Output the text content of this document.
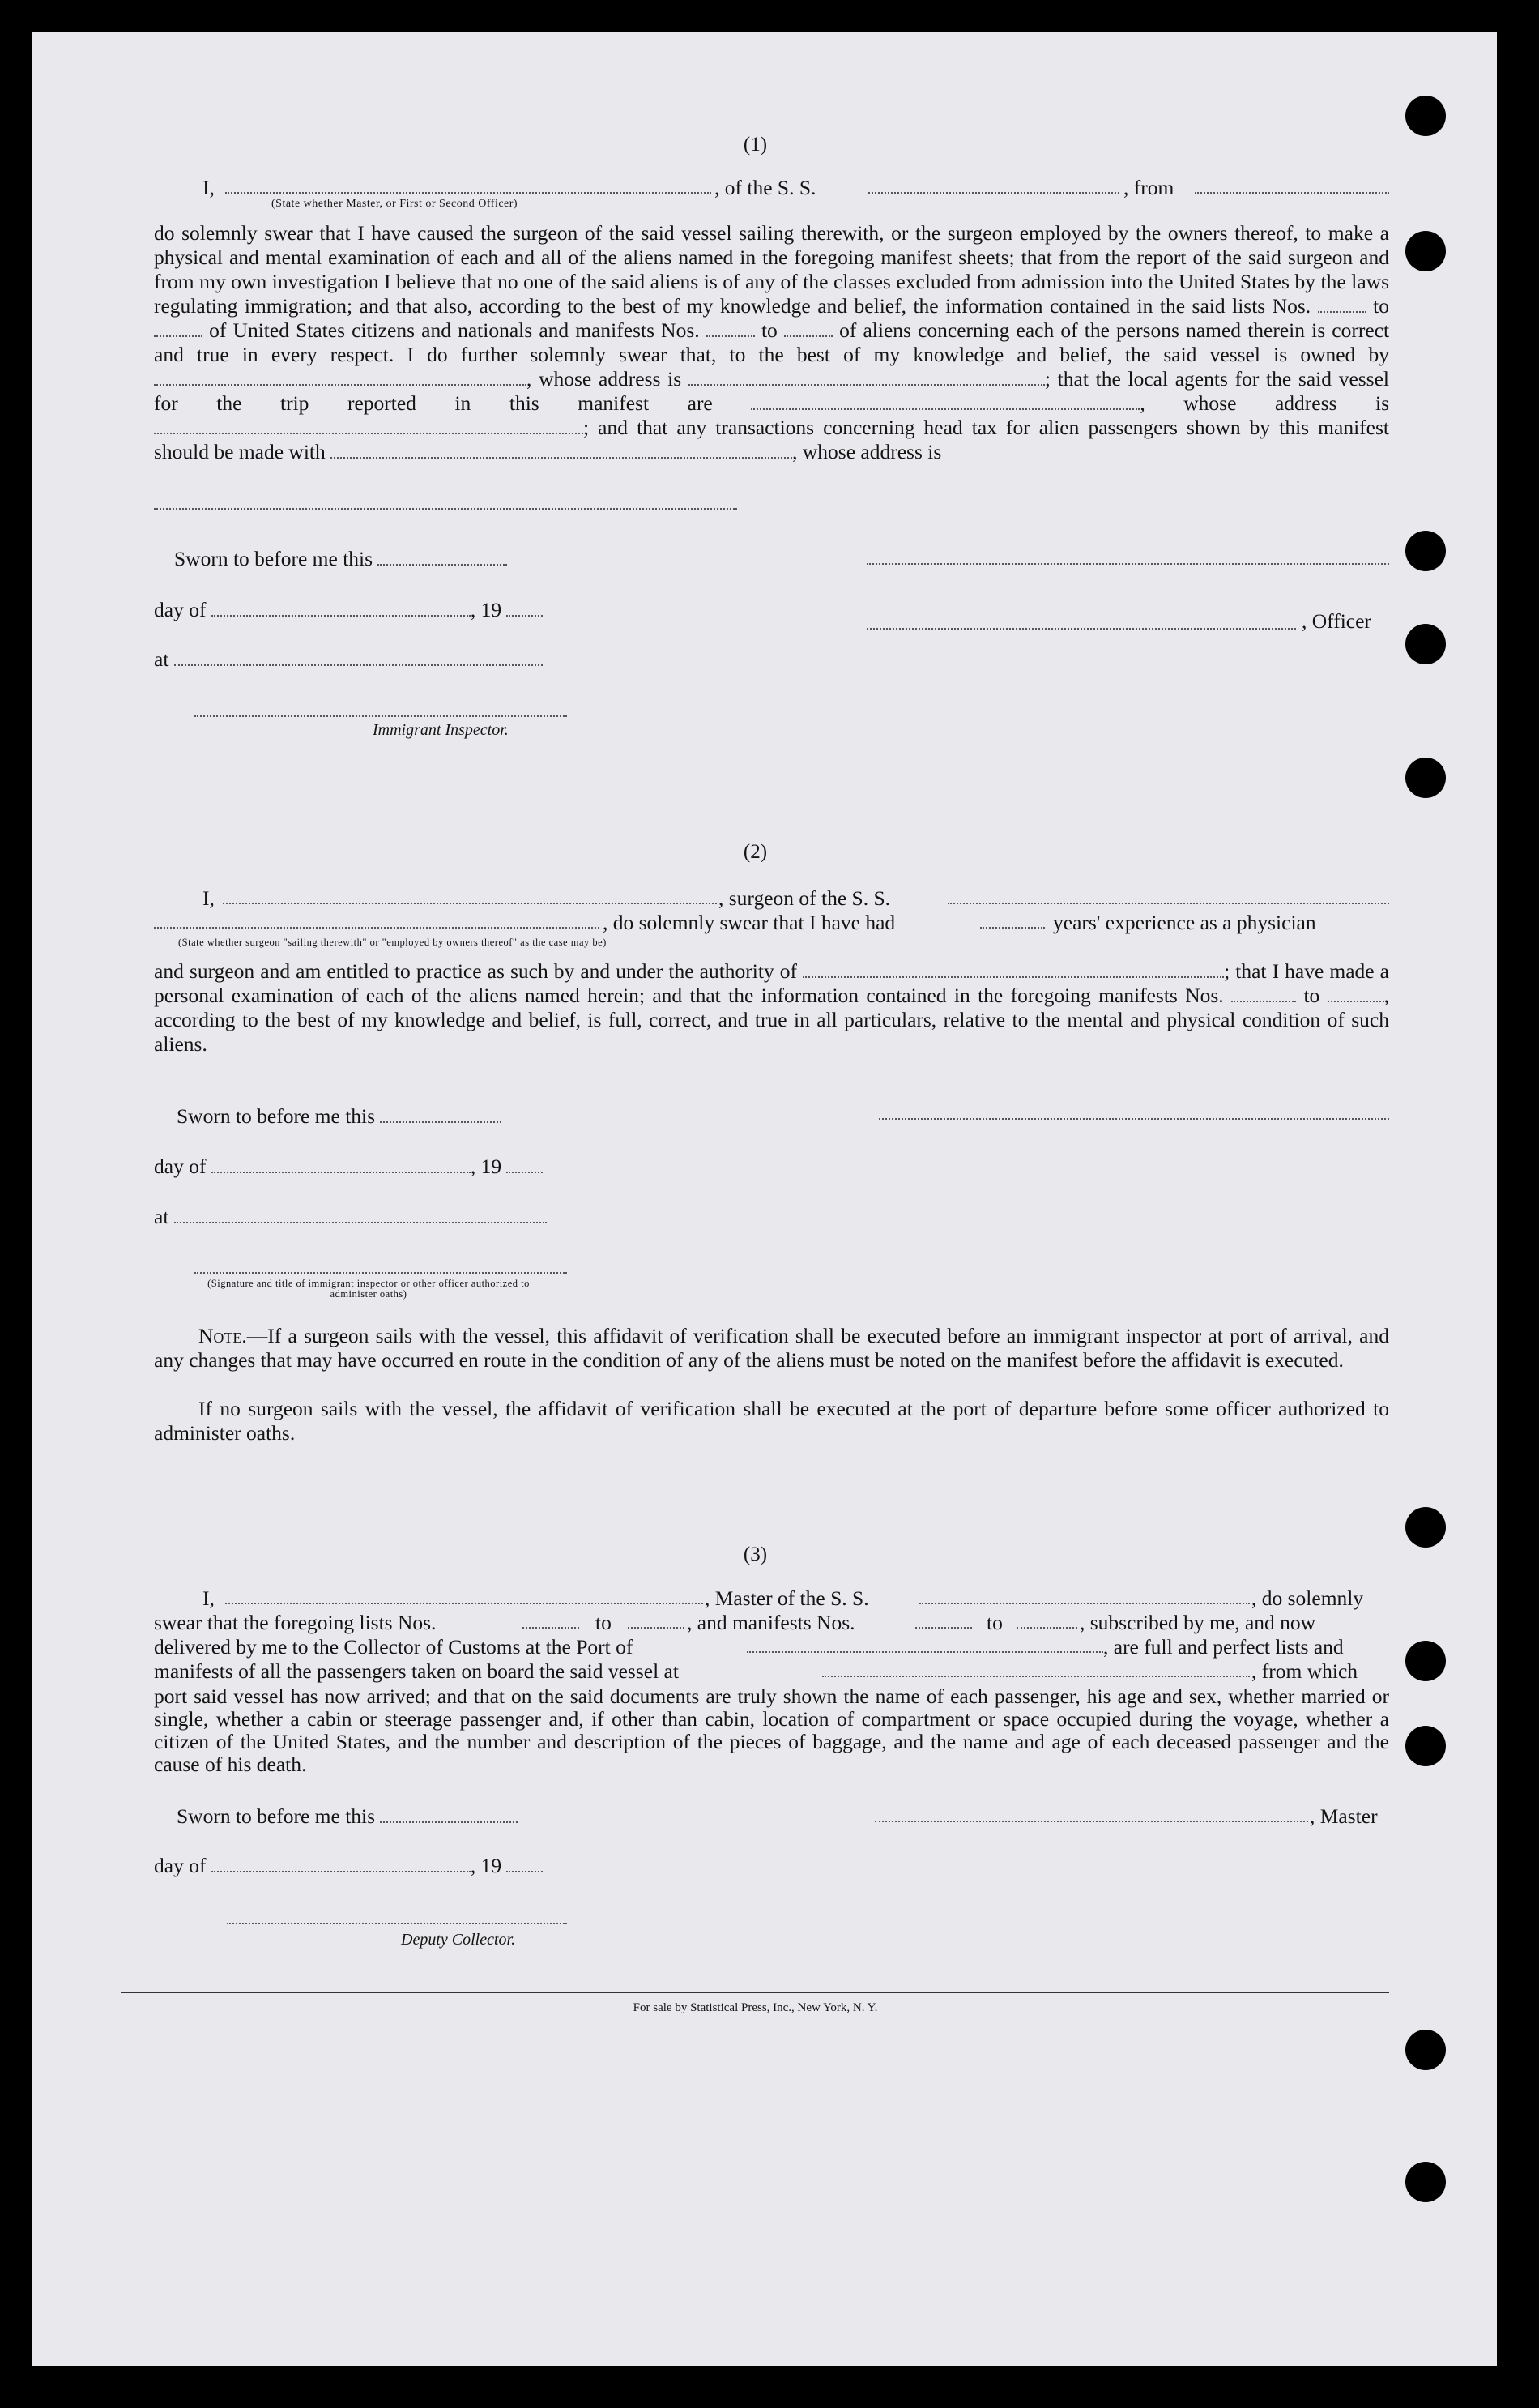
(1)
I,	, of the S. S.	, from
(State whether Master, or First or Second Officer)
do solemnly swear that I have caused the surgeon of the said vessel sailing therewith, or the surgeon employed by the owners thereof, to make a physical and mental examination of each and all of the aliens named in the foregoing manifest sheets; that from the report of the said surgeon and from my own investigation I believe that no one of the said aliens is of any of the classes excluded from admission into the United States by the laws regulating immigration; and that also, according to the best of my knowledge and belief, the information contained in the said lists Nos.	to  of United States citizens and nationals and manifests Nos.	to	of aliens concerning each of the persons named therein is correct and true in every respect. I do further solemnly swear that, to the best of my knowledge and belief, the said vessel is owned by , whose address is	; that the local agents for the said vessel for the trip reported in this manifest are	, whose address is ; and that any transactions concerning head tax for alien passengers shown by this manifest should be made with	, whose address is
Sworn to before me this
day of	, 19	, Officer
at
Immigrant Inspector.
(2)
I,	, surgeon of the S. S.
, do solemnly swear that I have had	years' experience as a physician
(State whether surgeon "sailing therewith" or "employed by owners thereof" as the case may be)
and surgeon and am entitled to practice as such by and under the authority of	; that I have made a personal examination of each of the aliens named herein; and that the information contained in the foregoing manifests Nos.	to	, according to the best of my knowledge and belief, is full, correct, and true in all particulars, relative to the mental and physical condition of such aliens.
Sworn to before me this
day of	, 19
at
(Signature and title of immigrant inspector or other officer authorized to administer oaths)
Note.—If a surgeon sails with the vessel, this affidavit of verification shall be executed before an immigrant inspector at port of arrival, and any changes that may have occurred en route in the condition of any of the aliens must be noted on the manifest before the affidavit is executed.
If no surgeon sails with the vessel, the affidavit of verification shall be executed at the port of departure before some officer authorized to administer oaths.
(3)
I,	, Master of the S. S.	, do solemnly
swear that the foregoing lists Nos.	to	, and manifests Nos.	to	, subscribed by me, and now
delivered by me to the Collector of Customs at the Port of	, are full and perfect lists and
manifests of all the passengers taken on board the said vessel at	, from which
port said vessel has now arrived; and that on the said documents are truly shown the name of each passenger, his age and sex, whether married or single, whether a cabin or steerage passenger and, if other than cabin, location of compartment or space occupied during the voyage, whether a citizen of the United States, and the number and description of the pieces of baggage, and the name and age of each deceased passenger and the cause of his death.
Sworn to before me this	, Master
day of	, 19
Deputy Collector.
For sale by Statistical Press, Inc., New York, N. Y.
